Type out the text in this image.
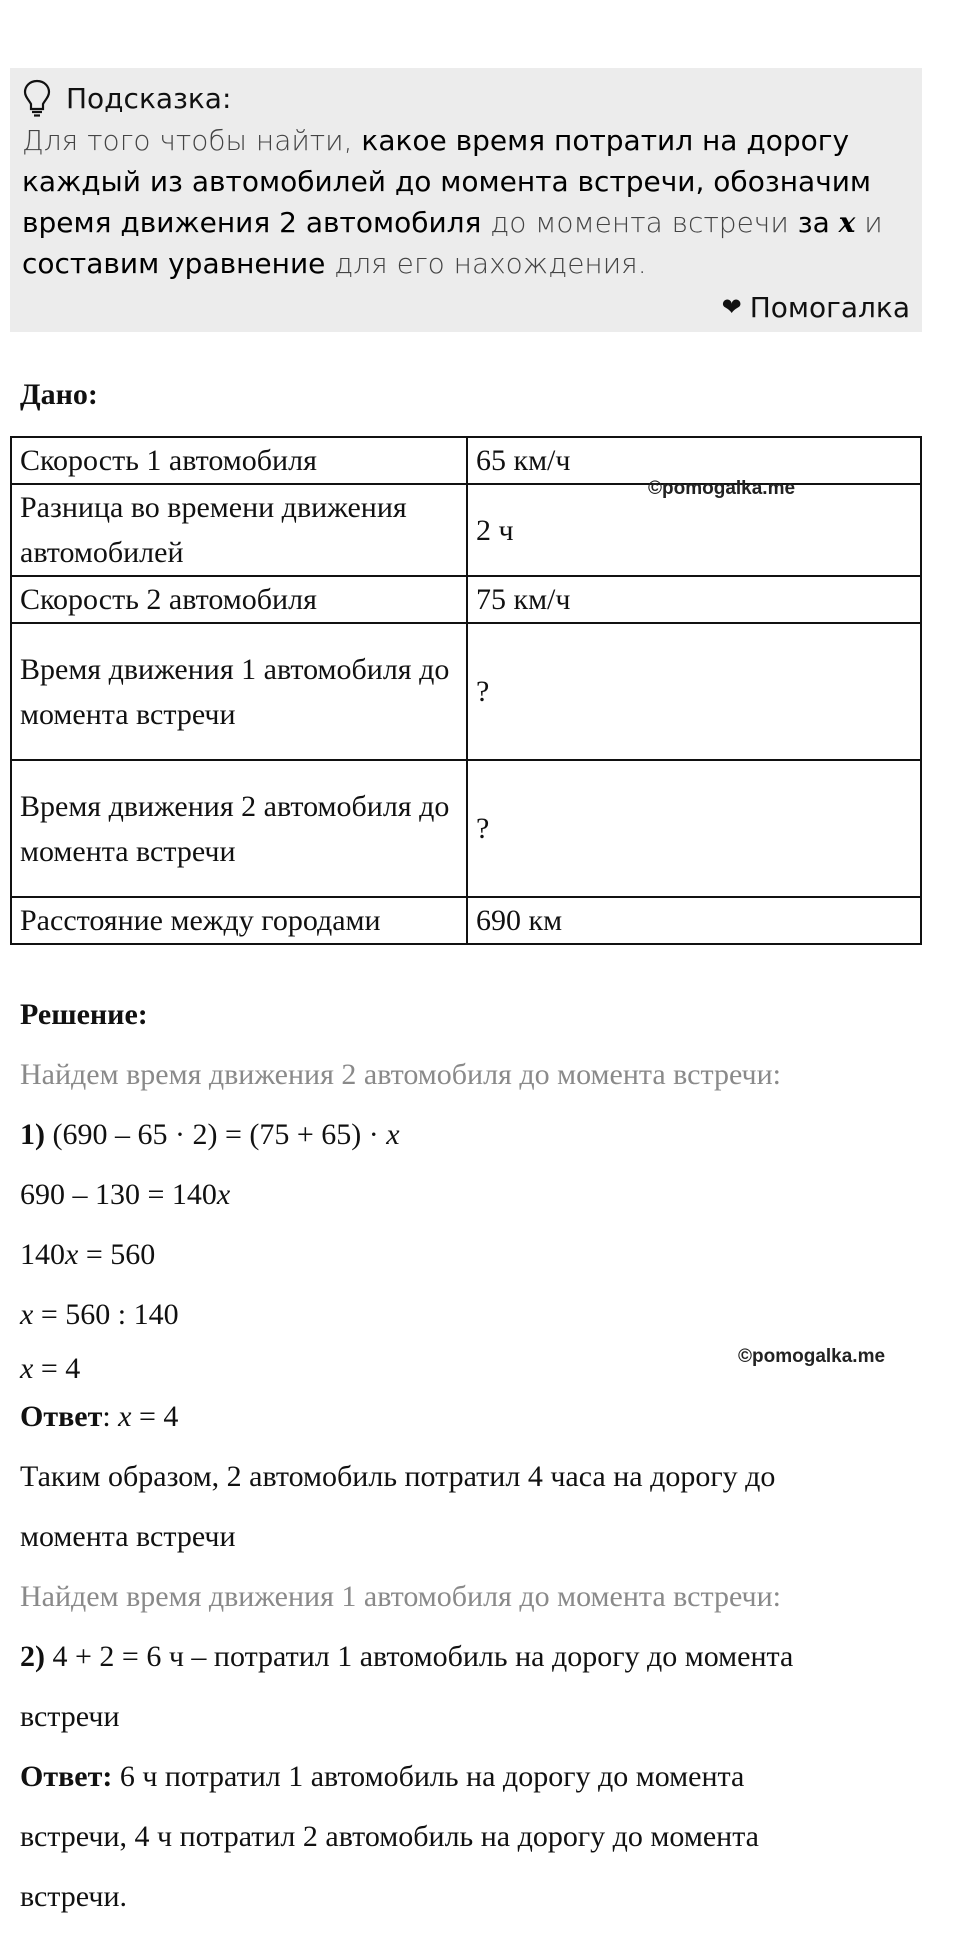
Подсказка:
Для того чтобы найти, какое время потратил на дорогу каждый из автомобилей до момента встречи, обозначим время движения 2 автомобиля до момента встречи за x и составим уравнение для его нахождения.
❤ Помогалка
Дано:
Скорость 1 автомобиля	65 км/ч
Разница во времени движения автомобилей	2 ч
Скорость 2 автомобиля	75 км/ч
Время движения 1 автомобиля до момента встречи	?
Время движения 2 автомобиля до момента встречи	?
Расстояние между городами	690 км
©pomogalka.me
Решение:
Найдем время движения 2 автомобиля до момента встречи:
1) (690 – 65 · 2) = (75 + 65) · x
690 – 130 = 140x
140x = 560
x = 560 : 140
x = 4
Ответ: x = 4
Таким образом, 2 автомобиль потратил 4 часа на дорогу до
момента встречи
Найдем время движения 1 автомобиля до момента встречи:
2) 4 + 2 = 6 ч – потратил 1 автомобиль на дорогу до момента
встречи
Ответ: 6 ч потратил 1 автомобиль на дорогу до момента
встречи, 4 ч потратил 2 автомобиль на дорогу до момента
встречи.
©pomogalka.me
